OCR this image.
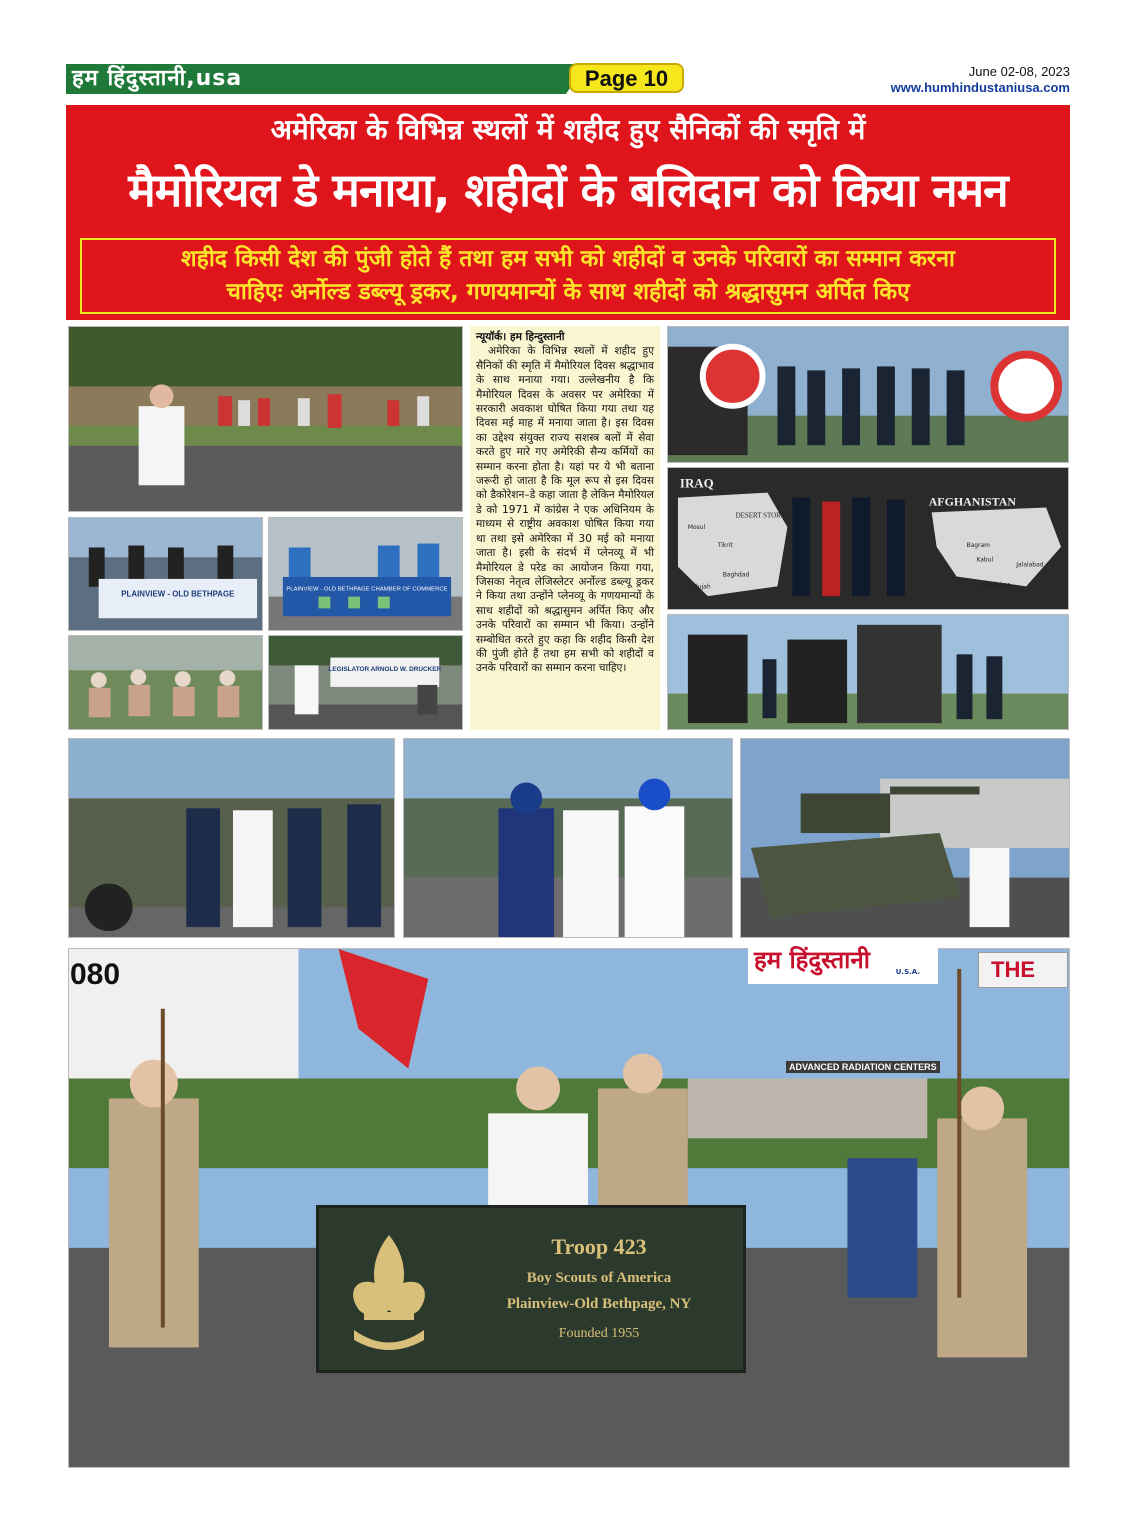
हम हिंदुस्तानी,usa	Page 10	June 02-08, 2023
www.humhindustaniusa.com
अमेरिका के विभिन्न स्थलों में शहीद हुए सैनिकों की स्मृति में
मैमोरियल डे मनाया, शहीदों के बलिदान को किया नमन
शहीद किसी देश की पुंजी होते हैं तथा हम सभी को शहीदों व उनके परिवारों का सम्मान करना
चाहिएः अर्नोल्ड डब्ल्यू ड्रकर, गणयमान्यों के साथ शहीदों को श्रद्धासुमन अर्पित किए
PLAINVIEW - OLD BETHPAGE	PLAINVIEW - OLD BETHPAGE CHAMBER OF COMMERCE
LEGISLATOR ARNOLD W. DRUCKER
न्यूयॉर्क। हम हिन्दुस्तानी

अमेरिका के विभिन्न स्थलों में शहीद हुए सैनिकों की स्मृति में मैमोरियल दिवस श्रद्धाभाव के साथ मनाया गया। उल्लेखनीय है कि मैमोरियल दिवस के अवसर पर अमेरिका में सरकारी अवकाश घोषित किया गया तथा यह दिवस मई माह में मनाया जाता है। इस दिवस का उद्देश्य संयुक्त राज्य सशस्त्र बलों में सेवा करते हुए मारे गए अमेरिकी सैन्य कर्मियों का सम्मान करना होता है। यहां पर ये भी बताना जरूरी हो जाता है कि मूल रूप से इस दिवस को डैकोरेशन–डे कहा जाता है लेकिन मैमोरियल डे को 1971 में कांग्रेस ने एक अधिनियम के माध्यम से राष्ट्रीय अवकाश घोषित किया गया था तथा इसे अमेरिका में 30 मई को मनाया जाता है। इसी के संदर्भ में प्लेनव्यू में भी मैमोरियल डे परेड का आयोजन किया गया, जिसका नेतृत्व लेजिस्लेटर अर्नोल्ड डब्ल्यू ड्रकर ने किया तथा उन्होंने प्लेनव्यू के गणयमान्यों के साथ शहीदों को श्रद्धासुमन अर्पित किए और उनके परिवारों का सम्मान भी किया। उन्होंने सम्बोधित करते हुए कहा कि शहीद किसी देश की पुंजी होते हैं तथा हम सभी को शहीदों व उनके परिवारों का सम्मान करना चाहिए।

IRAQ
DESERT STORM
AFGHANISTAN
Mosul
Tikrit
Baghdad
Kabul
Bagram
Jalalabad
Kandahar
Fallujah
080	THE
ADVANCED RADIATION CENTERS
BE PREPARED
Troop 423
Boy Scouts of America
Plainview-Old Bethpage, NY
Founded 1955
हम हिंदुस्तानी	U.S.A.
